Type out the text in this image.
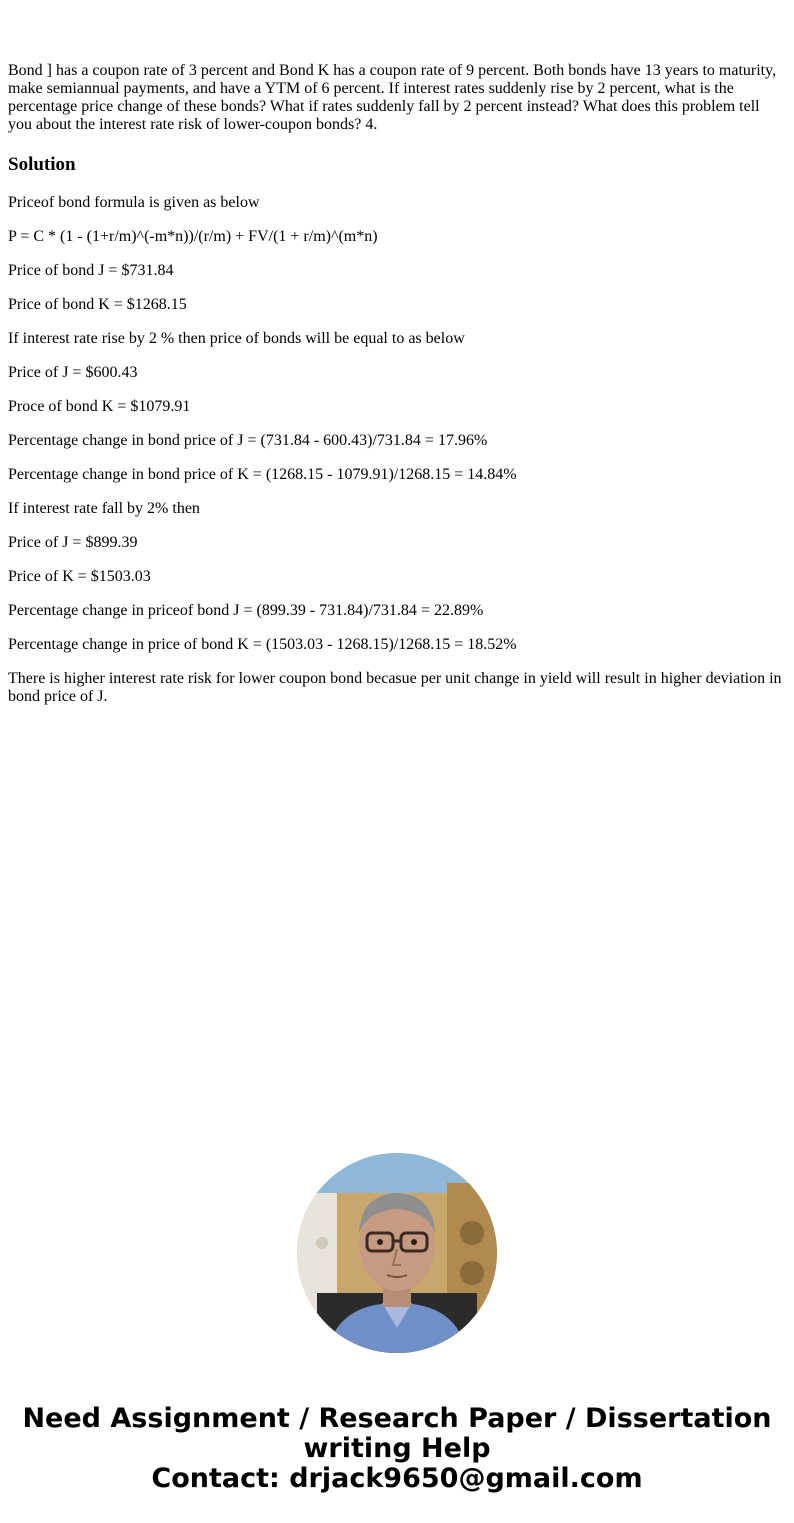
Bond ] has a coupon rate of 3 percent and Bond K has a coupon rate of 9 percent. Both bonds have 13 years to maturity, make semiannual payments, and have a YTM of 6 percent. If interest rates suddenly rise by 2 percent, what is the percentage price change of these bonds? What if rates suddenly fall by 2 percent instead? What does this problem tell you about the interest rate risk of lower-coupon bonds? 4.

Solution

Priceof bond formula is given as below

P = C * (1 - (1+r/m)^(-m*n))/(r/m) + FV/(1 + r/m)^(m*n)

Price of bond J = $731.84

Price of bond K = $1268.15

If interest rate rise by 2 % then price of bonds will be equal to as below

Price of J = $600.43

Proce of bond K = $1079.91

Percentage change in bond price of J = (731.84 - 600.43)/731.84 = 17.96%

Percentage change in bond price of K = (1268.15 - 1079.91)/1268.15 = 14.84%

If interest rate fall by 2% then

Price of J = $899.39

Price of K = $1503.03

Percentage change in priceof bond J = (899.39 - 731.84)/731.84 = 22.89%

Percentage change in price of bond K = (1503.03 - 1268.15)/1268.15 = 18.52%

There is higher interest rate risk for lower coupon bond becasue per unit change in yield will result in higher deviation in bond price of J.

Need Assignment / Research Paper / Dissertation
writing Help
Contact: drjack9650@gmail.com
